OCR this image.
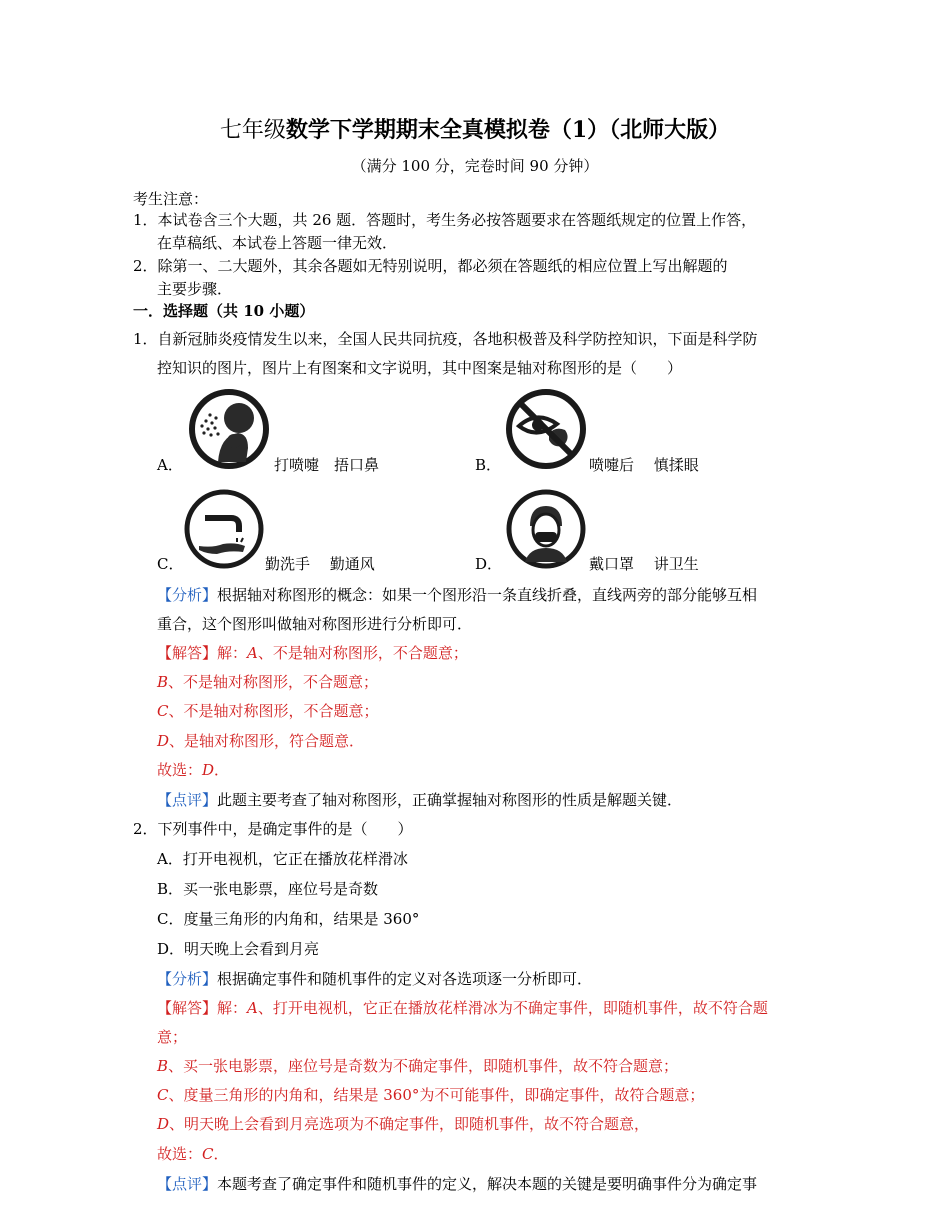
七年级数学下学期期末全真模拟卷（1）（北师大版）
（满分 100 分，完卷时间 90 分钟）
考生注意：
1．本试卷含三个大题，共 26 题．答题时，考生务必按答题要求在答题纸规定的位置上作答，
在草稿纸、本试卷上答题一律无效．
2．除第一、二大题外，其余各题如无特别说明，都必须在答题纸的相应位置上写出解题的
主要步骤．
一．选择题（共 10 小题）
1．自新冠肺炎疫情发生以来，全国人民共同抗疫，各地积极普及科学防控知识，下面是科学防
控知识的图片，图片上有图案和文字说明，其中图案是轴对称图形的是（　　）
A．	打喷嚏　捂口鼻	B．	喷嚏后　 慎揉眼
C．	勤洗手　 勤通风	D．	戴口罩　 讲卫生
【分析】根据轴对称图形的概念：如果一个图形沿一条直线折叠，直线两旁的部分能够互相
重合，这个图形叫做轴对称图形进行分析即可．
【解答】解：A、不是轴对称图形，不合题意；
B、不是轴对称图形，不合题意；
C、不是轴对称图形，不合题意；
D、是轴对称图形，符合题意．
故选：D．
【点评】此题主要考查了轴对称图形，正确掌握轴对称图形的性质是解题关键．
2．下列事件中，是确定事件的是（　　）
A．打开电视机，它正在播放花样滑冰
B．买一张电影票，座位号是奇数
C．度量三角形的内角和，结果是 360°
D．明天晚上会看到月亮
【分析】根据确定事件和随机事件的定义对各选项逐一分析即可．
【解答】解：A、打开电视机，它正在播放花样滑冰为不确定事件，即随机事件，故不符合题
意；
B、买一张电影票，座位号是奇数为不确定事件，即随机事件，故不符合题意；
C、度量三角形的内角和，结果是 360°为不可能事件，即确定事件，故符合题意；
D、明天晚上会看到月亮选项为不确定事件，即随机事件，故不符合题意，
故选：C．
【点评】本题考查了确定事件和随机事件的定义，解决本题的关键是要明确事件分为确定事
